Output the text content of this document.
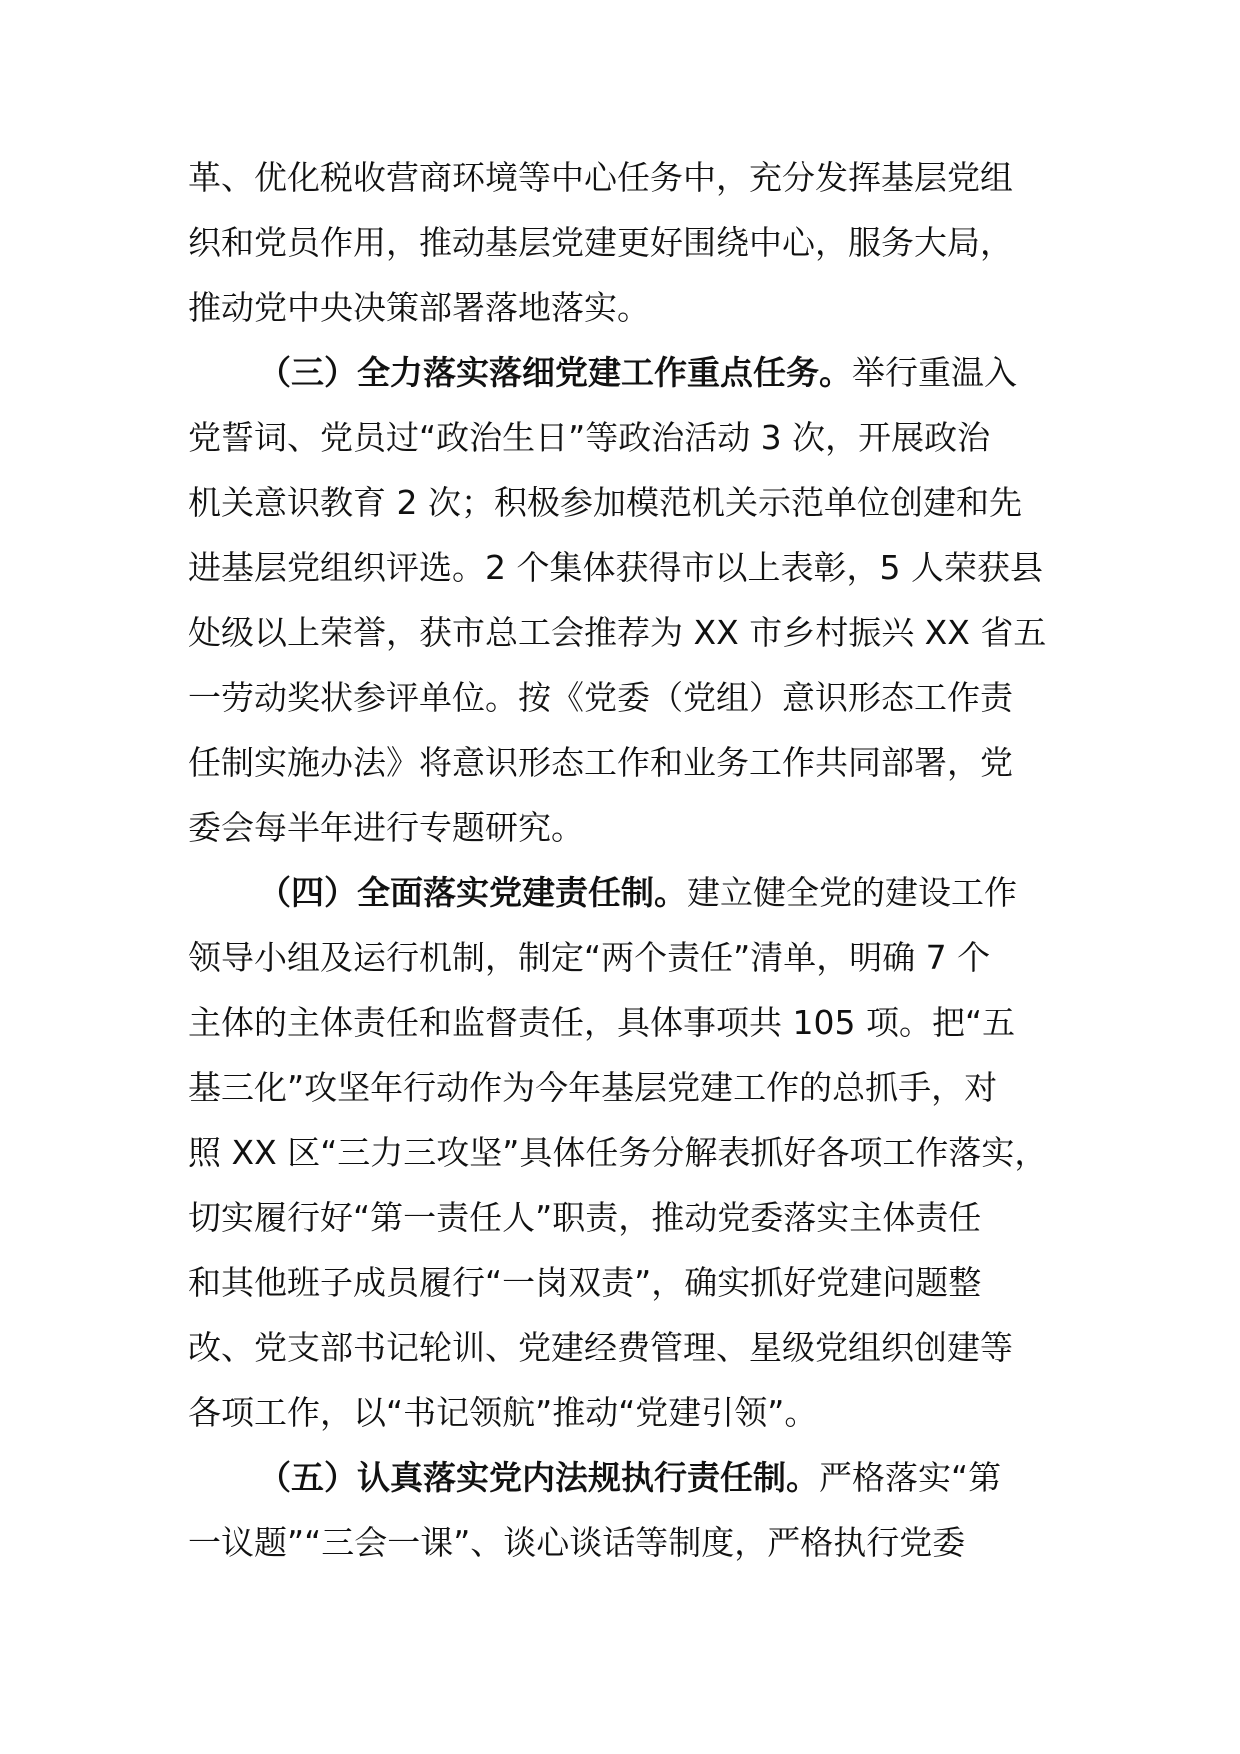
革、优化税收营商环境等中心任务中，充分发挥基层党组
织和党员作用，推动基层党建更好围绕中心，服务大局，
推动党中央决策部署落地落实。
（三）全力落实落细党建工作重点任务。举行重温入
党誓词、党员过“政治生日”等政治活动 3 次，开展政治
机关意识教育 2 次；积极参加模范机关示范单位创建和先
进基层党组织评选。2 个集体获得市以上表彰，5 人荣获县
处级以上荣誉，获市总工会推荐为 XX 市乡村振兴 XX 省五
一劳动奖状参评单位。按《党委（党组）意识形态工作责
任制实施办法》将意识形态工作和业务工作共同部署，党
委会每半年进行专题研究。
（四）全面落实党建责任制。建立健全党的建设工作
领导小组及运行机制，制定“两个责任”清单，明确 7 个
主体的主体责任和监督责任，具体事项共 105 项。把“五
基三化”攻坚年行动作为今年基层党建工作的总抓手，对
照 XX 区“三力三攻坚”具体任务分解表抓好各项工作落实，
切实履行好“第一责任人”职责，推动党委落实主体责任
和其他班子成员履行“一岗双责”，确实抓好党建问题整
改、党支部书记轮训、党建经费管理、星级党组织创建等
各项工作，以“书记领航”推动“党建引领”。
（五）认真落实党内法规执行责任制。严格落实“第
一议题”“三会一课”、谈心谈话等制度，严格执行党委
